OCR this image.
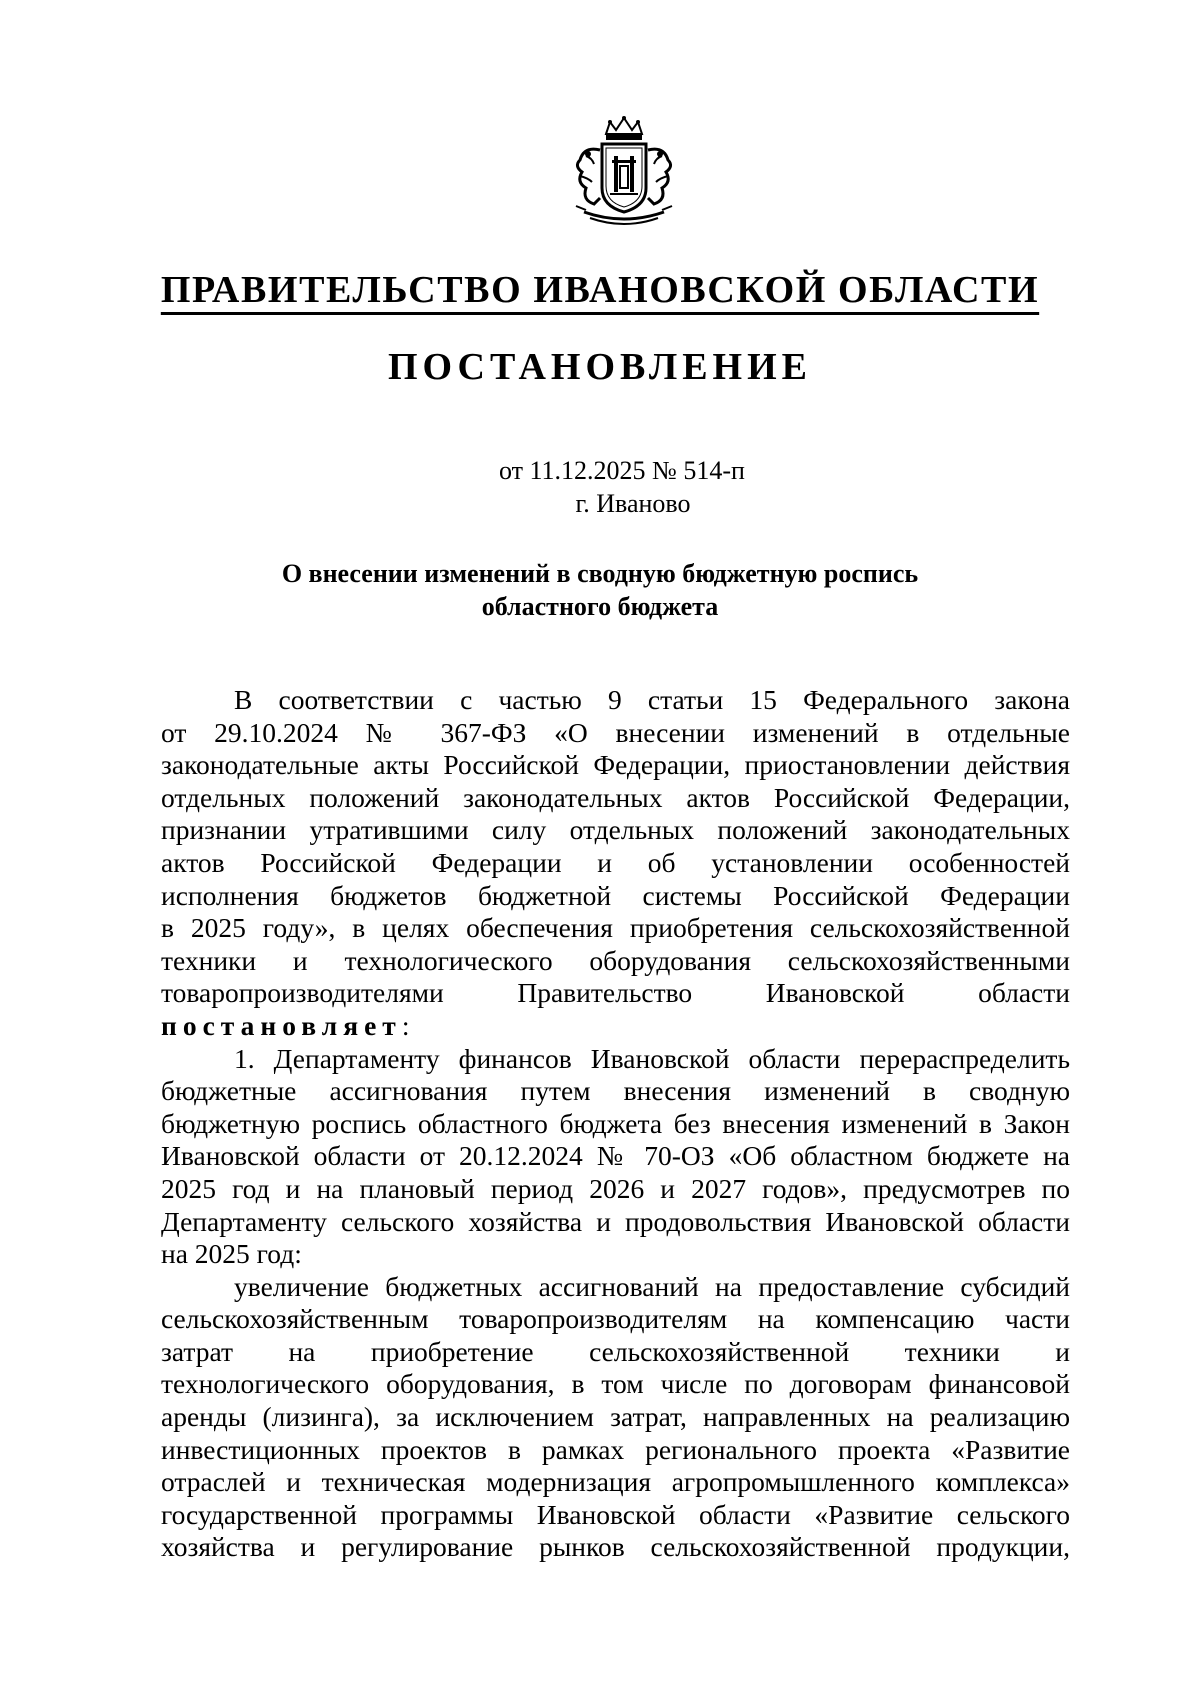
ПРАВИТЕЛЬСТВО ИВАНОВСКОЙ ОБЛАСТИ
ПОСТАНОВЛЕНИЕ
от 11.12.2025 № 514-п
г. Иваново
О внесении изменений в сводную бюджетную роспись
областного бюджета
В соответствии с частью 9 статьи 15 Федерального закона
от 29.10.2024 № 367-ФЗ «О внесении изменений в отдельные
законодательные акты Российской Федерации, приостановлении действия
отдельных положений законодательных актов Российской Федерации,
признании утратившими силу отдельных положений законодательных
актов Российской Федерации и об установлении особенностей
исполнения бюджетов бюджетной системы Российской Федерации
в 2025 году», в целях обеспечения приобретения сельскохозяйственной
техники и технологического оборудования сельскохозяйственными
товаропроизводителями Правительство Ивановской области
постановляет:
1. Департаменту финансов Ивановской области перераспределить
бюджетные ассигнования путем внесения изменений в сводную
бюджетную роспись областного бюджета без внесения изменений в Закон
Ивановской области от 20.12.2024 № 70-ОЗ «Об областном бюджете на
2025 год и на плановый период 2026 и 2027 годов», предусмотрев по
Департаменту сельского хозяйства и продовольствия Ивановской области
на 2025 год:
увеличение бюджетных ассигнований на предоставление субсидий
сельскохозяйственным товаропроизводителям на компенсацию части
затрат на приобретение сельскохозяйственной техники и
технологического оборудования, в том числе по договорам финансовой
аренды (лизинга), за исключением затрат, направленных на реализацию
инвестиционных проектов в рамках регионального проекта «Развитие
отраслей и техническая модернизация агропромышленного комплекса»
государственной программы Ивановской области «Развитие сельского
хозяйства и регулирование рынков сельскохозяйственной продукции,
